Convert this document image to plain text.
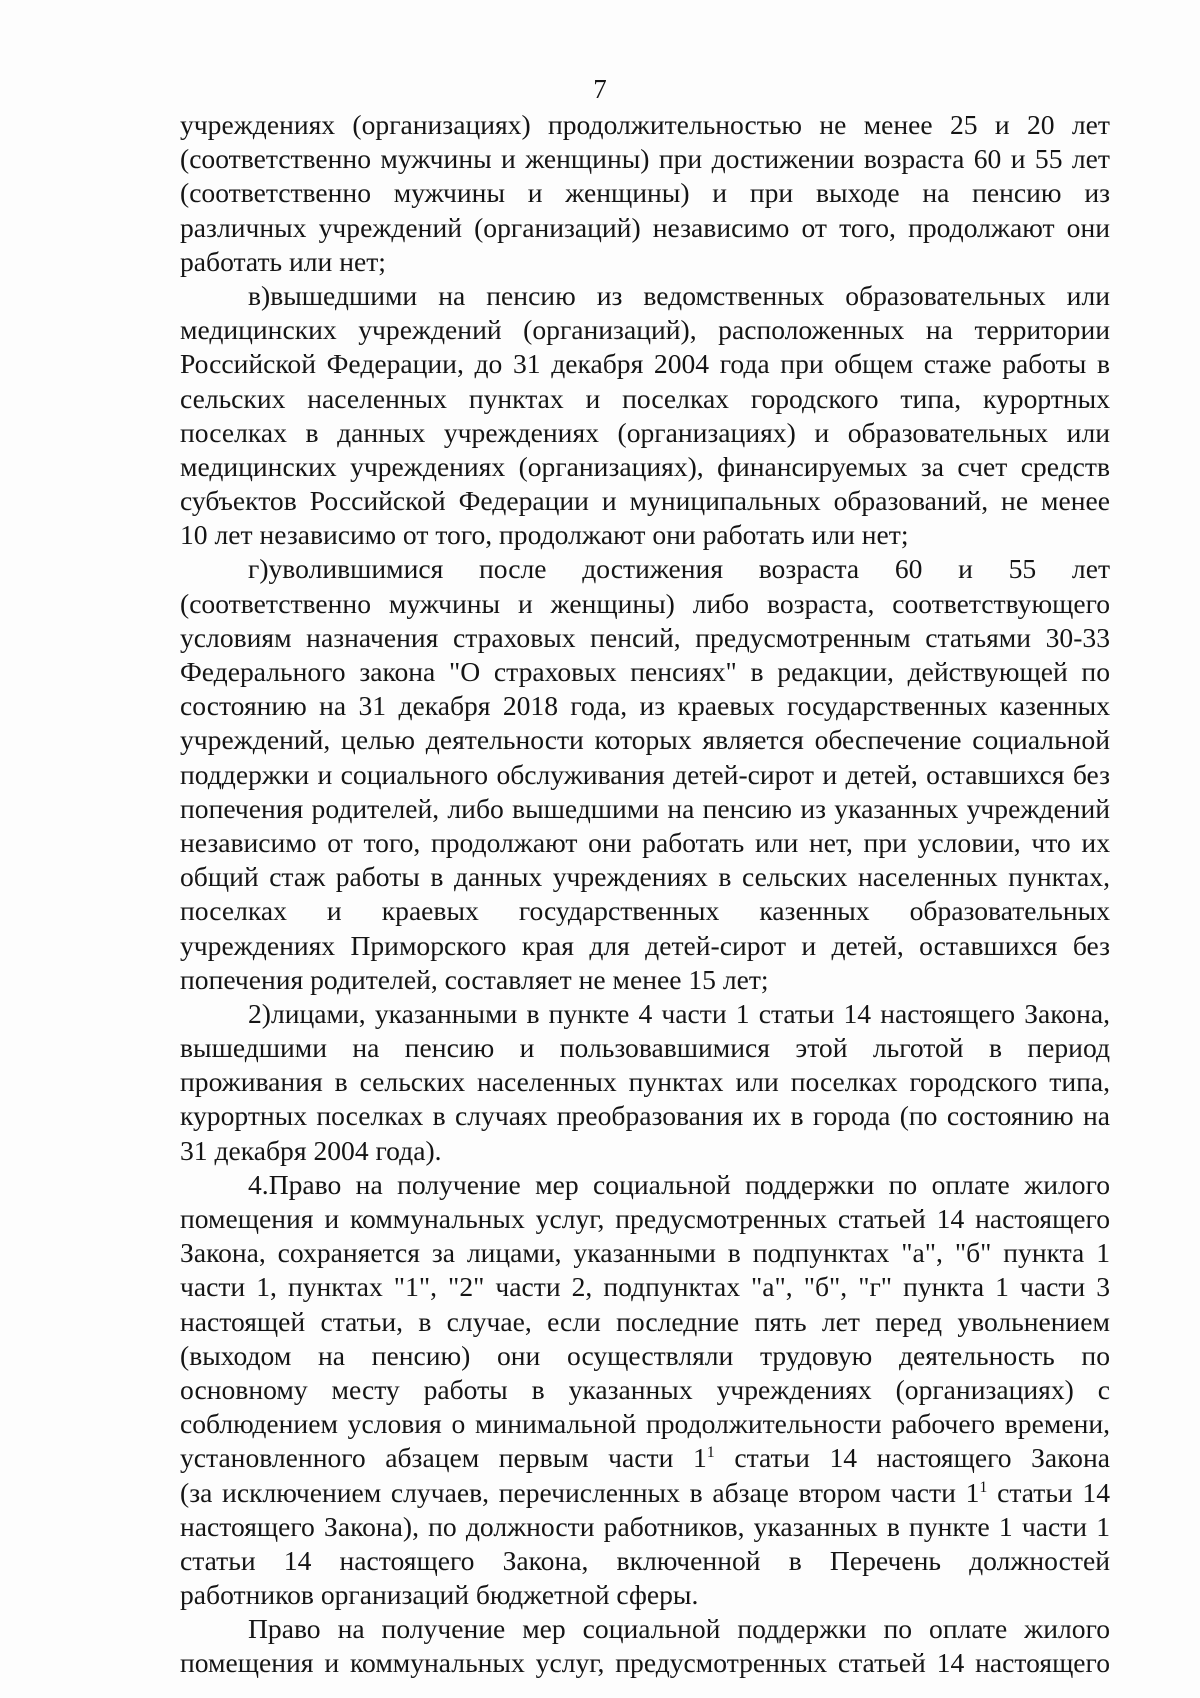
7
учреждениях (организациях) продолжительностью не менее 25 и 20 лет
(соответственно мужчины и женщины) при достижении возраста 60 и 55 лет
(соответственно мужчины и женщины) и при выходе на пенсию из
различных учреждений (организаций) независимо от того, продолжают они
работать или нет;
в)вышедшими на пенсию из ведомственных образовательных или
медицинских учреждений (организаций), расположенных на территории
Российской Федерации, до 31 декабря 2004 года при общем стаже работы в
сельских населенных пунктах и поселках городского типа, курортных
поселках в данных учреждениях (организациях) и образовательных или
медицинских учреждениях (организациях), финансируемых за счет средств
субъектов Российской Федерации и муниципальных образований, не менее
10 лет независимо от того, продолжают они работать или нет;
г)уволившимися после достижения возраста 60 и 55 лет
(соответственно мужчины и женщины) либо возраста, соответствующего
условиям назначения страховых пенсий, предусмотренным статьями 30-33
Федерального закона "О страховых пенсиях" в редакции, действующей по
состоянию на 31 декабря 2018 года, из краевых государственных казенных
учреждений, целью деятельности которых является обеспечение социальной
поддержки и социального обслуживания детей-сирот и детей, оставшихся без
попечения родителей, либо вышедшими на пенсию из указанных учреждений
независимо от того, продолжают они работать или нет, при условии, что их
общий стаж работы в данных учреждениях в сельских населенных пунктах,
поселках и краевых государственных казенных образовательных
учреждениях Приморского края для детей-сирот и детей, оставшихся без
попечения родителей, составляет не менее 15 лет;
2)лицами, указанными в пункте 4 части 1 статьи 14 настоящего Закона,
вышедшими на пенсию и пользовавшимися этой льготой в период
проживания в сельских населенных пунктах или поселках городского типа,
курортных поселках в случаях преобразования их в города (по состоянию на
31 декабря 2004 года).
4.Право на получение мер социальной поддержки по оплате жилого
помещения и коммунальных услуг, предусмотренных статьей 14 настоящего
Закона, сохраняется за лицами, указанными в подпунктах "а", "б" пункта 1
части 1, пунктах "1", "2" части 2, подпунктах "а", "б", "г" пункта 1 части 3
настоящей статьи, в случае, если последние пять лет перед увольнением
(выходом на пенсию) они осуществляли трудовую деятельность по
основному месту работы в указанных учреждениях (организациях) с
соблюдением условия о минимальной продолжительности рабочего времени,
установленного абзацем первым части $1^1$ статьи 14 настоящего Закона
(за исключением случаев, перечисленных в абзаце втором части $1^1$ статьи 14
настоящего Закона), по должности работников, указанных в пункте 1 части 1
статьи 14 настоящего Закона, включенной в Перечень должностей
работников организаций бюджетной сферы.
Право на получение мер социальной поддержки по оплате жилого
помещения и коммунальных услуг, предусмотренных статьей 14 настоящего
